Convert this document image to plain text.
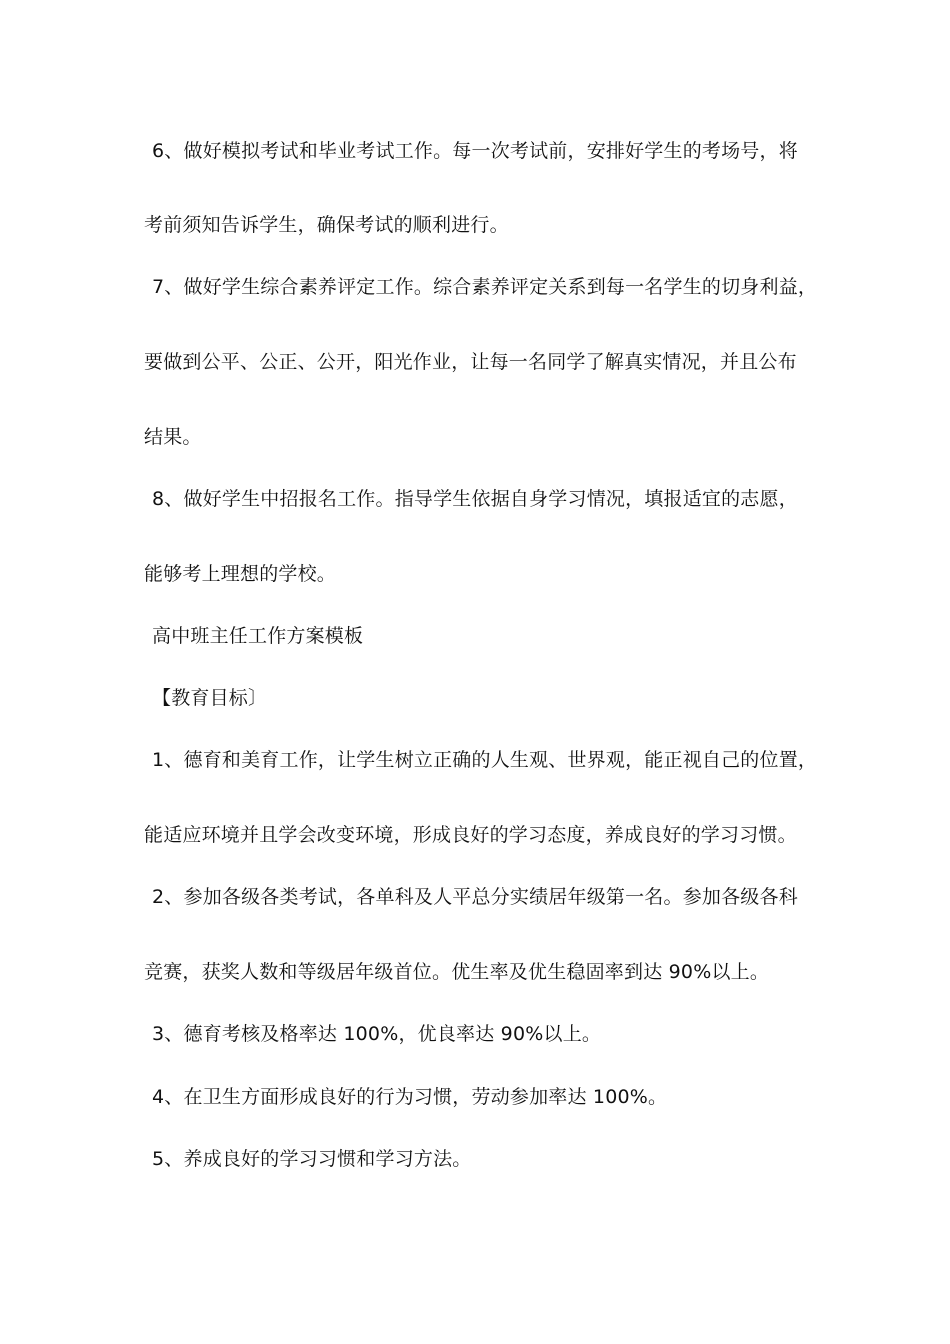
6、做好模拟考试和毕业考试工作。每一次考试前，安排好学生的考场号，将
考前须知告诉学生，确保考试的顺利进行。
7、做好学生综合素养评定工作。综合素养评定关系到每一名学生的切身利益，
要做到公平、公正、公开，阳光作业，让每一名同学了解真实情况，并且公布
结果。
8、做好学生中招报名工作。指导学生依据自身学习情况，填报适宜的志愿，
能够考上理想的学校。
高中班主任工作方案模板
【教育目标〕
1、德育和美育工作，让学生树立正确的人生观、世界观，能正视自己的位置，
能适应环境并且学会改变环境，形成良好的学习态度，养成良好的学习习惯。
2、参加各级各类考试，各单科及人平总分实绩居年级第一名。参加各级各科
竞赛，获奖人数和等级居年级首位。优生率及优生稳固率到达 90%以上。
3、德育考核及格率达 100%，优良率达 90%以上。
4、在卫生方面形成良好的行为习惯，劳动参加率达 100%。
5、养成良好的学习习惯和学习方法。
